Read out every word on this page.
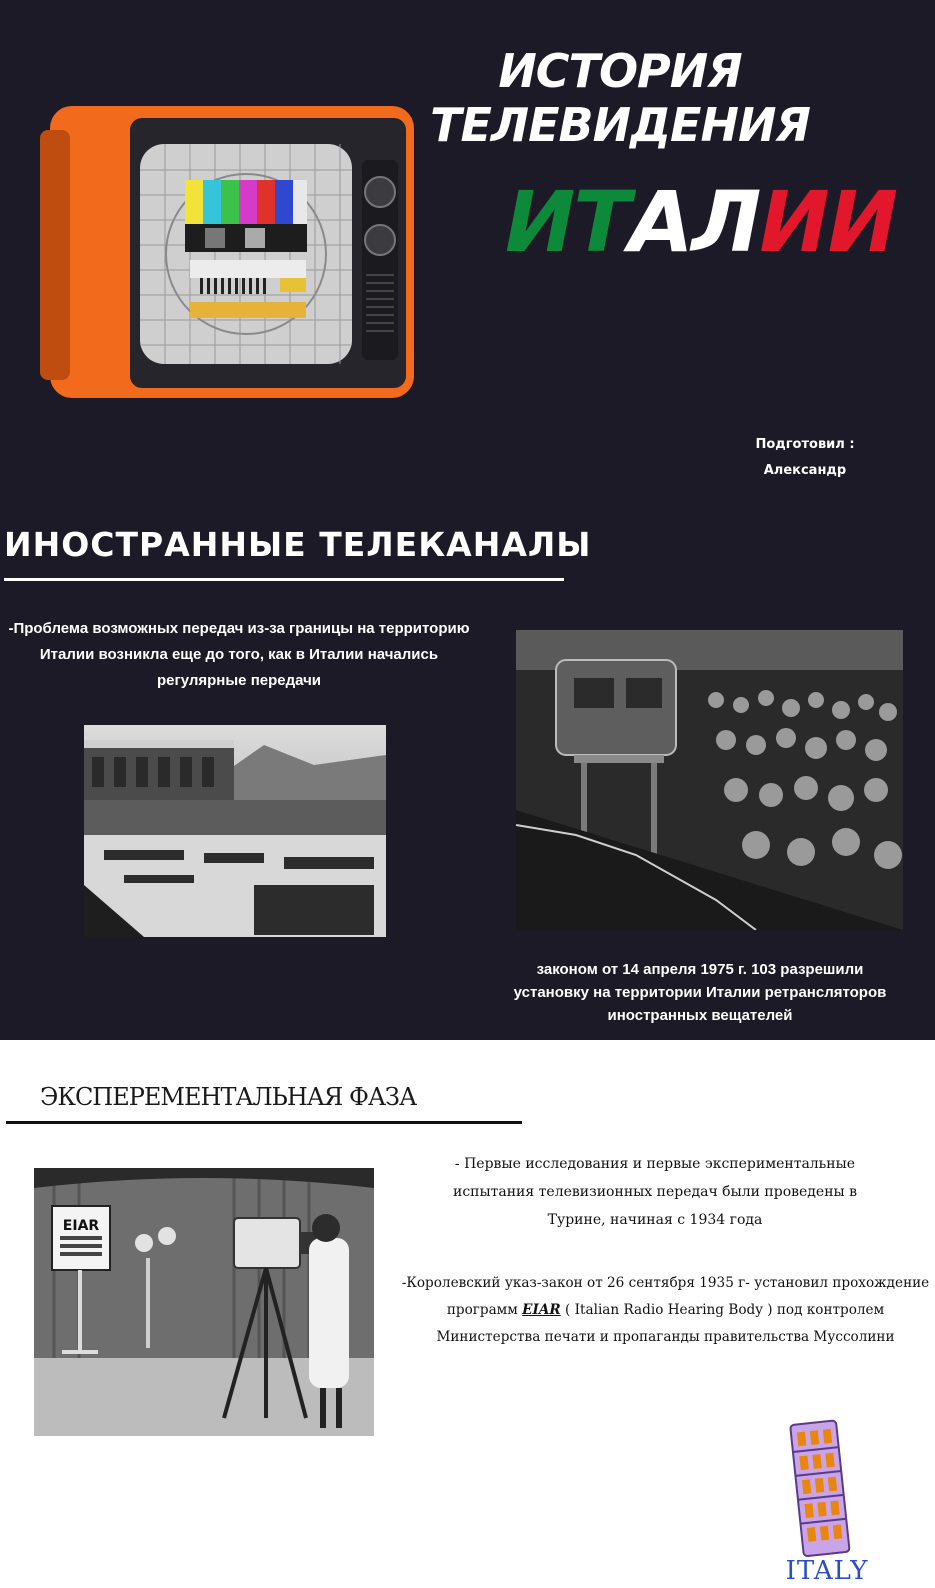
ИСТОРИЯ ТЕЛЕВИДЕНИЯ
ИТАЛИИ
Подготовил :
Александр
ИНОСТРАННЫЕ ТЕЛЕКАНАЛЫ
-Проблема возможных передач из-за границы на территорию Италии возникла еще до того, как в Италии начались регулярные передачи
законом от 14 апреля 1975 г. 103 разрешили установку на территории Италии ретрансляторов иностранных вещателей
ЭКСПЕРЕМЕНТАЛЬНАЯ ФАЗА
EIAR
- Первые исследования и первые экспериментальные испытания телевизионных передач были проведены в Турине, начиная с 1934 года
-Королевский указ-закон от 26 сентября 1935 г- установил прохождение программ EIAR ( Italian Radio Hearing Body ) под контролем Министерства печати и пропаганды правительства Муссолини
ITALY
